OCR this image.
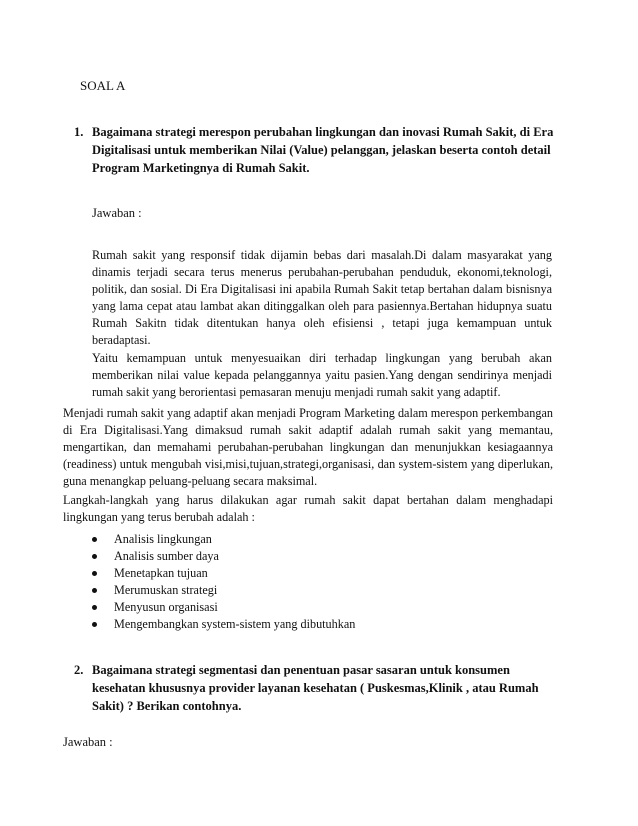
SOAL A
1. Bagaimana strategi merespon perubahan lingkungan dan inovasi Rumah Sakit, di Era Digitalisasi untuk memberikan Nilai (Value) pelanggan, jelaskan beserta contoh detail Program Marketingnya di Rumah Sakit.
Jawaban :
Rumah sakit yang responsif tidak dijamin bebas dari masalah.Di dalam masyarakat yang dinamis terjadi secara terus menerus perubahan-perubahan penduduk, ekonomi,teknologi, politik, dan sosial. Di Era Digitalisasi ini apabila Rumah Sakit tetap bertahan dalam bisnisnya yang lama cepat atau lambat akan ditinggalkan oleh para pasiennya.Bertahan hidupnya suatu Rumah Sakitn tidak ditentukan hanya oleh efisiensi , tetapi juga kemampuan untuk beradaptasi.
Yaitu kemampuan untuk menyesuaikan diri terhadap lingkungan yang berubah akan memberikan nilai value kepada pelanggannya yaitu pasien.Yang dengan sendirinya menjadi rumah sakit yang berorientasi pemasaran menuju menjadi rumah sakit yang adaptif.
Menjadi rumah sakit yang adaptif akan menjadi Program Marketing dalam merespon perkembangan di Era Digitalisasi.Yang dimaksud rumah sakit adaptif adalah rumah sakit yang memantau, mengartikan, dan memahami perubahan-perubahan lingkungan dan menunjukkan kesiagaannya (readiness) untuk mengubah visi,misi,tujuan,strategi,organisasi, dan system-sistem yang diperlukan, guna menangkap peluang-peluang secara maksimal.
Langkah-langkah yang harus dilakukan agar rumah sakit dapat bertahan dalam menghadapi lingkungan yang terus berubah adalah :
Analisis lingkungan
Analisis sumber daya
Menetapkan tujuan
Merumuskan strategi
Menyusun organisasi
Mengembangkan system-sistem yang dibutuhkan
2. Bagaimana strategi segmentasi dan penentuan pasar sasaran untuk konsumen kesehatan khususnya provider layanan kesehatan ( Puskesmas,Klinik , atau Rumah Sakit) ? Berikan contohnya.
Jawaban :
